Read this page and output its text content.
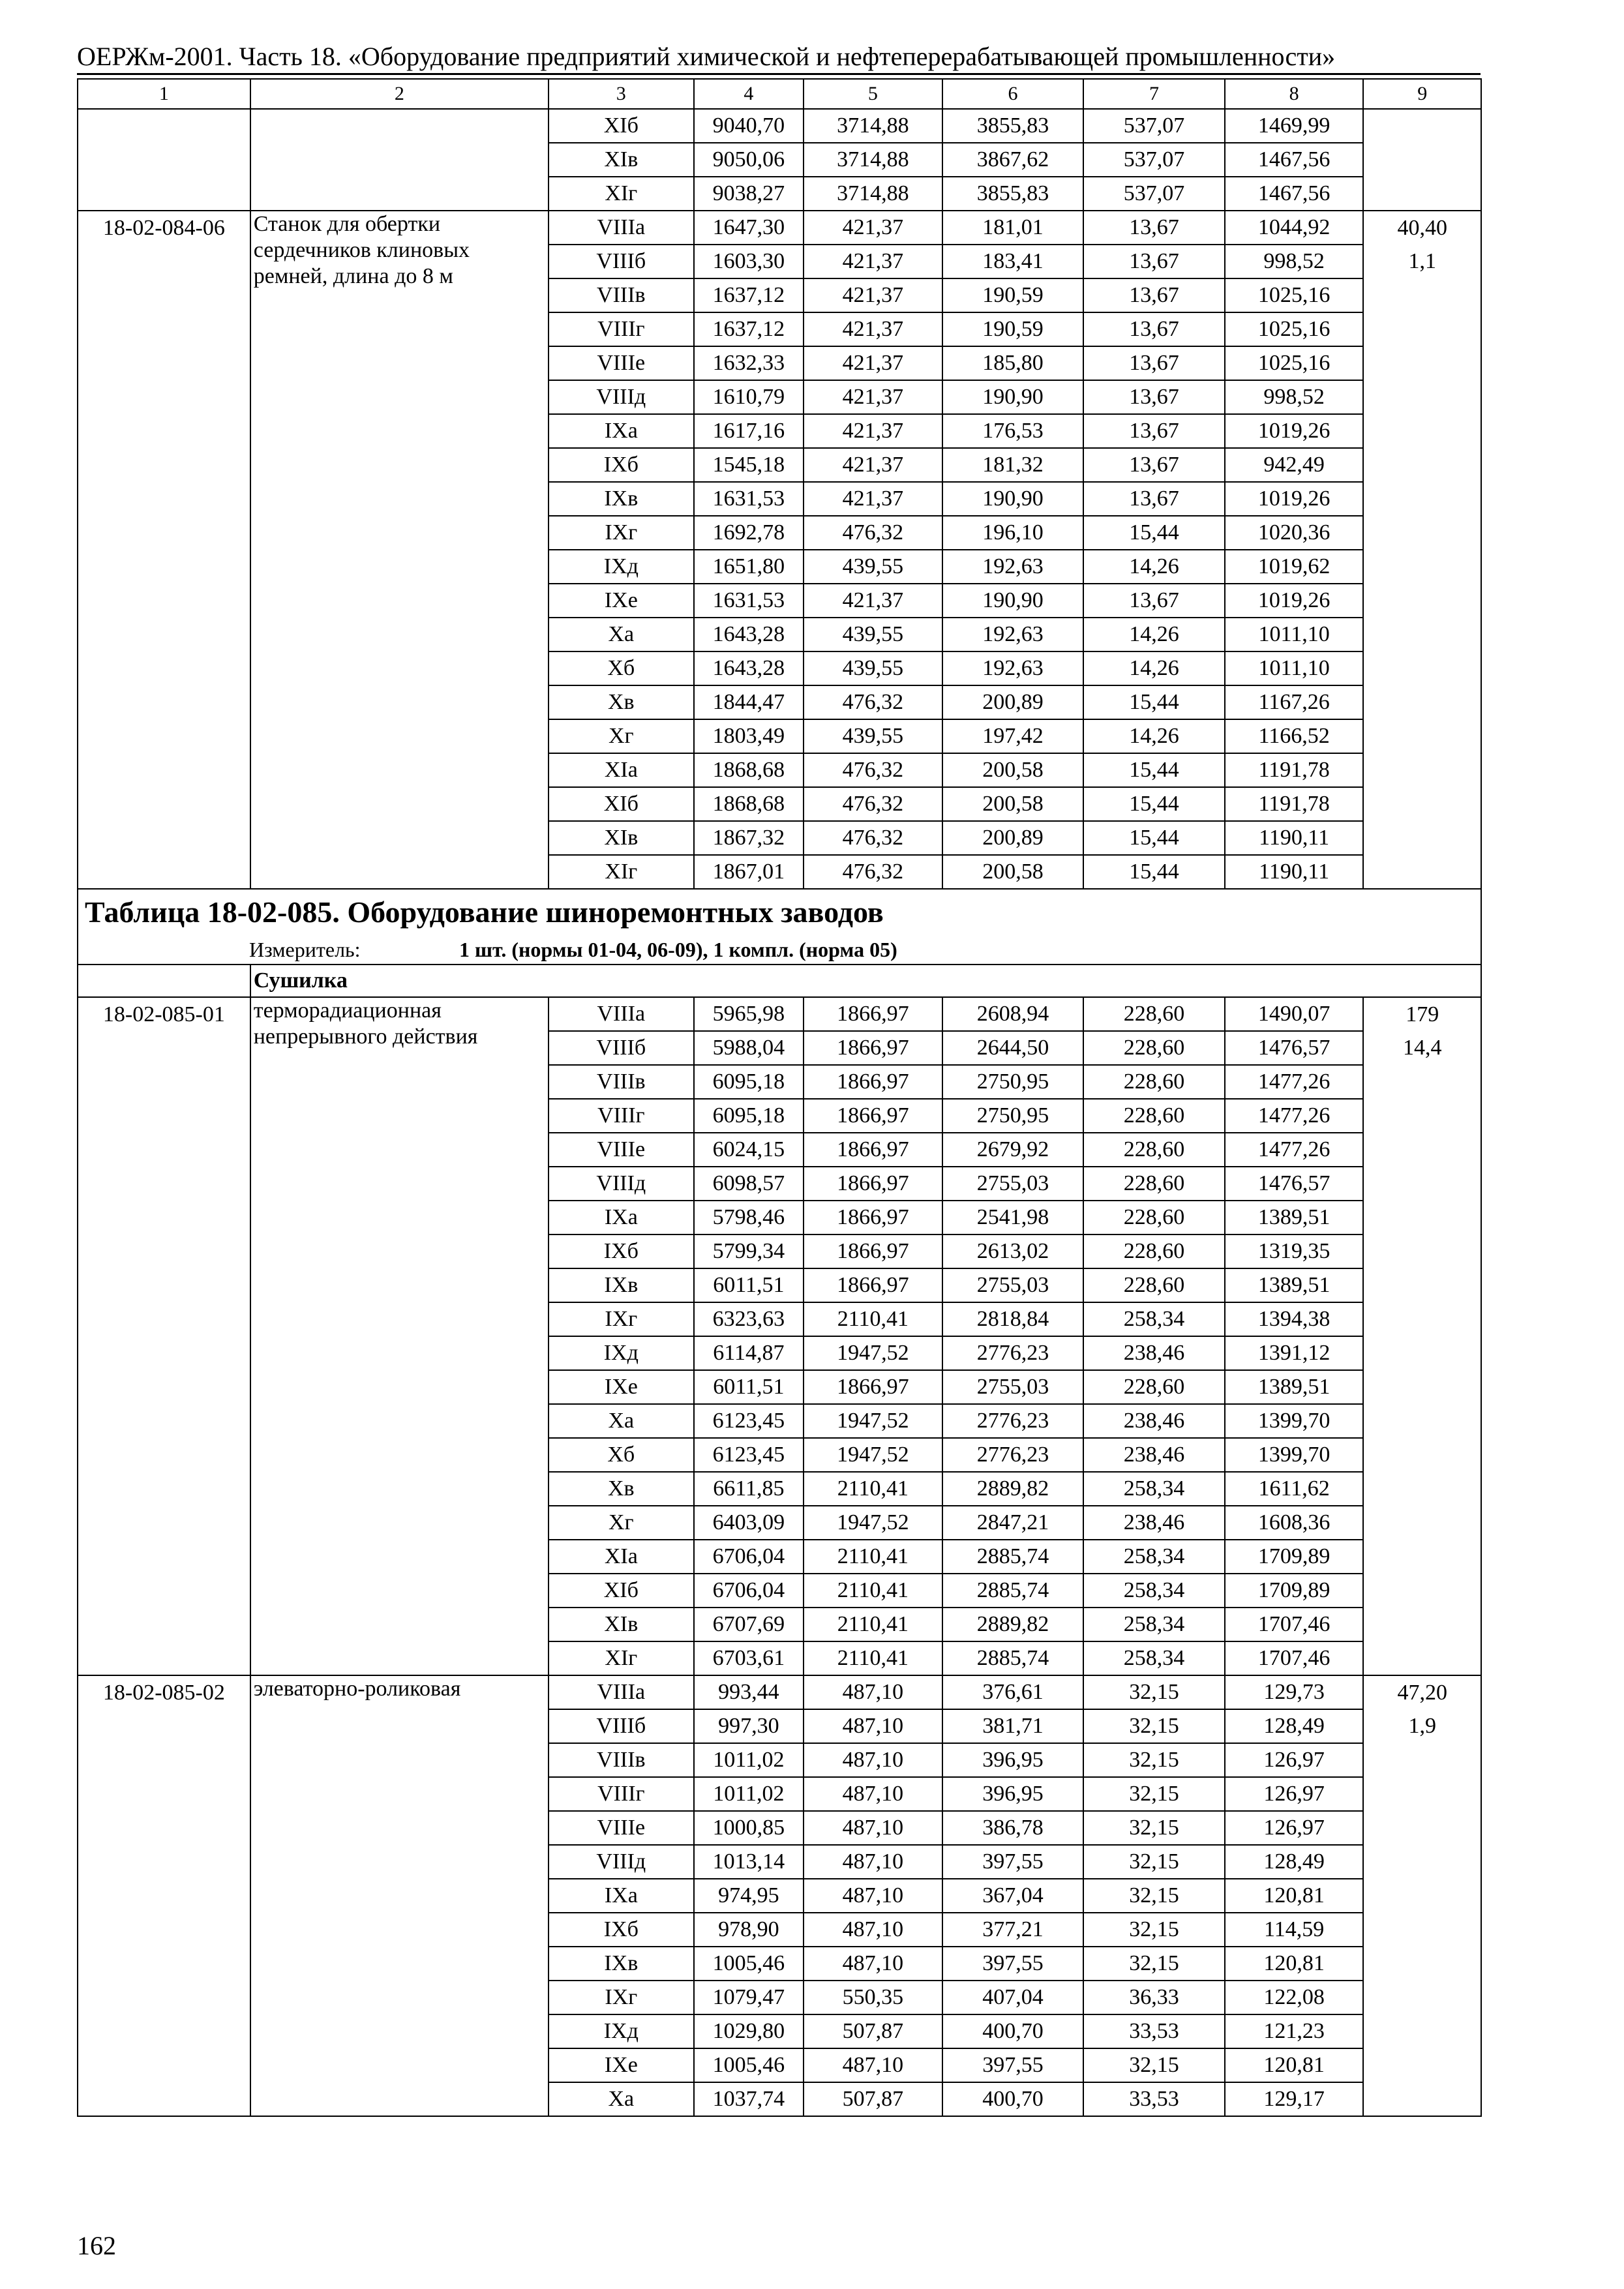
ОЕРЖм-2001. Часть 18. «Оборудование предприятий химической и нефтеперерабатывающей промышленности»
1	2	3	4	5	6	7	8	9
		XIб	9040,70	3714,88	3855,83	537,07	1469,99	
		XIв	9050,06	3714,88	3867,62	537,07	1467,56	
		XIг	9038,27	3714,88	3855,83	537,07	1467,56	
18-02-084-06	Станок для обертки сердечников клиновых ремней, длина до 8 м	VIIIа	1647,30	421,37	181,01	13,67	1044,92	40,40
		VIIIб	1603,30	421,37	183,41	13,67	998,52	1,1
		VIIIв	1637,12	421,37	190,59	13,67	1025,16	
		VIIIг	1637,12	421,37	190,59	13,67	1025,16	
		VIIIе	1632,33	421,37	185,80	13,67	1025,16	
		VIIIд	1610,79	421,37	190,90	13,67	998,52	
		IХа	1617,16	421,37	176,53	13,67	1019,26	
		IХб	1545,18	421,37	181,32	13,67	942,49	
		IХв	1631,53	421,37	190,90	13,67	1019,26	
		IХг	1692,78	476,32	196,10	15,44	1020,36	
		IХд	1651,80	439,55	192,63	14,26	1019,62	
		IХе	1631,53	421,37	190,90	13,67	1019,26	
		Ха	1643,28	439,55	192,63	14,26	1011,10	
		Хб	1643,28	439,55	192,63	14,26	1011,10	
		Хв	1844,47	476,32	200,89	15,44	1167,26	
		Хг	1803,49	439,55	197,42	14,26	1166,52	
		XIа	1868,68	476,32	200,58	15,44	1191,78	
		XIб	1868,68	476,32	200,58	15,44	1191,78	
		XIв	1867,32	476,32	200,89	15,44	1190,11	
		XIг	1867,01	476,32	200,58	15,44	1190,11	
Таблица 18-02-085. Оборудование шиноремонтных заводов								
Измеритель: 1 шт. (нормы 01-04, 06-09), 1 компл. (норма 05)								
	Сушилка							
18-02-085-01	терморадиационная непрерывного действия	VIIIа	5965,98	1866,97	2608,94	228,60	1490,07	179
		VIIIб	5988,04	1866,97	2644,50	228,60	1476,57	14,4
		VIIIв	6095,18	1866,97	2750,95	228,60	1477,26	
		VIIIг	6095,18	1866,97	2750,95	228,60	1477,26	
		VIIIе	6024,15	1866,97	2679,92	228,60	1477,26	
		VIIIд	6098,57	1866,97	2755,03	228,60	1476,57	
		IХа	5798,46	1866,97	2541,98	228,60	1389,51	
		IХб	5799,34	1866,97	2613,02	228,60	1319,35	
		IХв	6011,51	1866,97	2755,03	228,60	1389,51	
		IХг	6323,63	2110,41	2818,84	258,34	1394,38	
		IХд	6114,87	1947,52	2776,23	238,46	1391,12	
		IХе	6011,51	1866,97	2755,03	228,60	1389,51	
		Ха	6123,45	1947,52	2776,23	238,46	1399,70	
		Хб	6123,45	1947,52	2776,23	238,46	1399,70	
		Хв	6611,85	2110,41	2889,82	258,34	1611,62	
		Хг	6403,09	1947,52	2847,21	238,46	1608,36	
		XIа	6706,04	2110,41	2885,74	258,34	1709,89	
		XIб	6706,04	2110,41	2885,74	258,34	1709,89	
		XIв	6707,69	2110,41	2889,82	258,34	1707,46	
		XIг	6703,61	2110,41	2885,74	258,34	1707,46	
18-02-085-02	элеваторно-роликовая	VIIIа	993,44	487,10	376,61	32,15	129,73	47,20
		VIIIб	997,30	487,10	381,71	32,15	128,49	1,9
		VIIIв	1011,02	487,10	396,95	32,15	126,97	
		VIIIг	1011,02	487,10	396,95	32,15	126,97	
		VIIIе	1000,85	487,10	386,78	32,15	126,97	
		VIIIд	1013,14	487,10	397,55	32,15	128,49	
		IХа	974,95	487,10	367,04	32,15	120,81	
		IХб	978,90	487,10	377,21	32,15	114,59	
		IХв	1005,46	487,10	397,55	32,15	120,81	
		IХг	1079,47	550,35	407,04	36,33	122,08	
		IХд	1029,80	507,87	400,70	33,53	121,23	
		IХе	1005,46	487,10	397,55	32,15	120,81	
		Ха	1037,74	507,87	400,70	33,53	129,17	
162
